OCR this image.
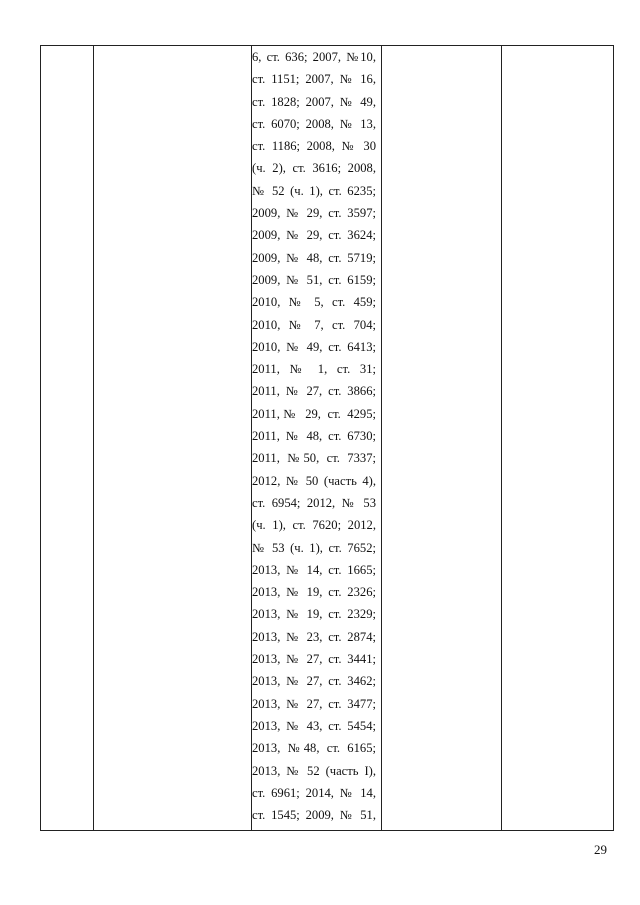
6, ст. 636; 2007, №10,
ст. 1151; 2007, № 16,
ст. 1828; 2007, № 49,
ст. 6070; 2008, № 13,
ст. 1186; 2008, № 30
(ч. 2), ст. 3616; 2008,
№ 52 (ч. 1), ст. 6235;
2009, № 29, ст. 3597;
2009, № 29, ст. 3624;
2009, № 48, ст. 5719;
2009, № 51, ст. 6159;
2010, № 5, ст. 459;
2010, № 7, ст. 704;
2010, № 49, ст. 6413;
2011, № 1, ст. 31;
2011, № 27, ст. 3866;
2011,№ 29, ст. 4295;
2011, № 48, ст. 6730;
2011, №50, ст. 7337;
2012, № 50 (часть 4),
ст. 6954; 2012, № 53
(ч. 1), ст. 7620; 2012,
№ 53 (ч. 1), ст. 7652;
2013, № 14, ст. 1665;
2013, № 19, ст. 2326;
2013, № 19, ст. 2329;
2013, № 23, ст. 2874;
2013, № 27, ст. 3441;
2013, № 27, ст. 3462;
2013, № 27, ст. 3477;
2013, № 43, ст. 5454;
2013, №48, ст. 6165;
2013, № 52 (часть I),
ст. 6961; 2014, № 14,
ст. 1545; 2009, № 51,
29
